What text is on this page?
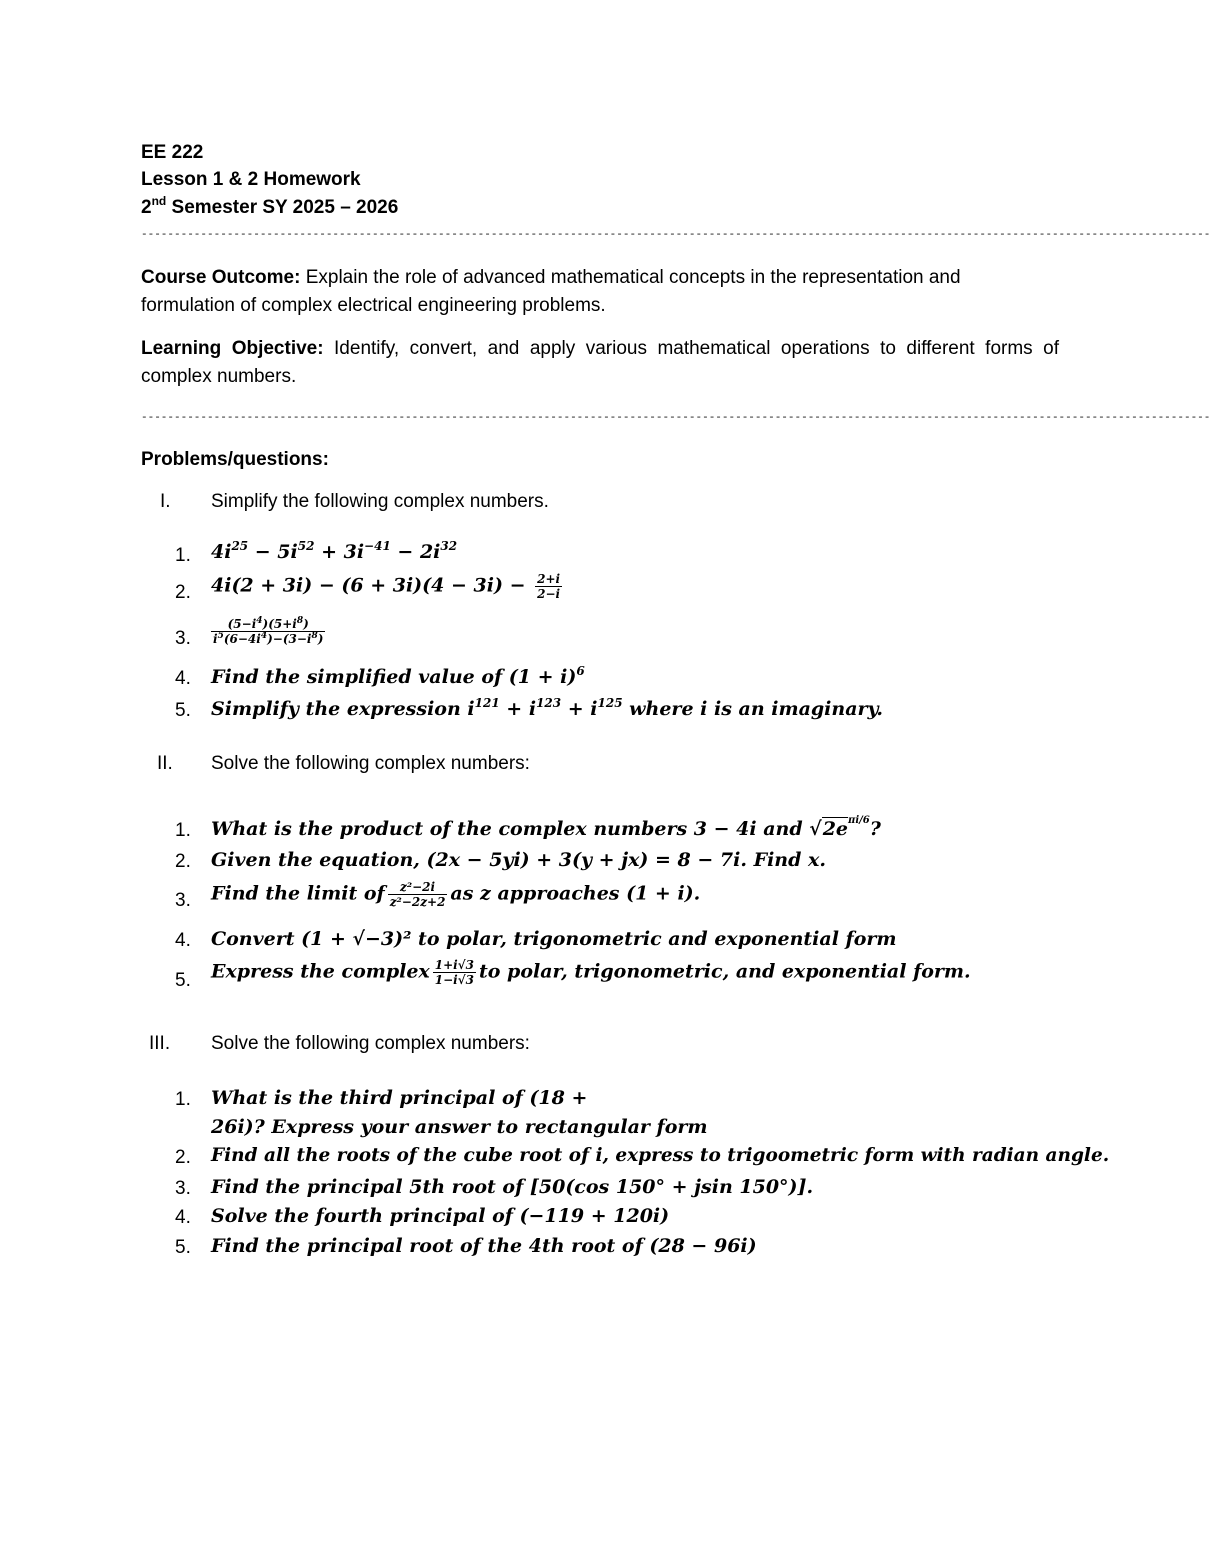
EE 222
Lesson 1 & 2 Homework
2nd Semester SY 2025 – 2026
------------------------------------------------------------------------------------------------------------------------------------------------------------------
Course Outcome: Explain the role of advanced mathematical concepts in the representation and formulation of complex electrical engineering problems.
Learning Objective: Identify, convert, and apply various mathematical operations to different forms of complex numbers.
------------------------------------------------------------------------------------------------------------------------------------------------------------------
Problems/questions:
I. Simplify the following complex numbers.
1. $4i^{25} - 5i^{52} + 3i^{-41} - 2i^{32}$
2. $4i(2 + 3i) - (6 + 3i)(4 - 3i) - \frac{2+i}{2-i}$
3. $\frac{(5-i^4)(5+i^8)}{i^5(6-4i^4)-(3-i^8)}$
4. Find the simplified value of $(1 + i)^6$
5. Simplify the expression $i^{121} + i^{123} + i^{125}$ where i is an imaginary.
II. Solve the following complex numbers:
1. What is the product of the complex numbers 3 − 4i and $√2e^{\pi i/6}$?
2. Given the equation, (2x − 5yi) + 3(y + jx) = 8 − 7i. Find x.
3. Find the limit of $\frac{\text{z²−2i}}{\text{z²−2z+2}}$ as z approaches (1 + i).
4. Convert (1 + √−3)² to polar, trigonometric and exponential form
5. Express the complex $\frac{1+i√3}{1-i√3}$ to polar, trigonometric, and exponential form.
III. Solve the following complex numbers:
1. What is the third principal of (18 +
26i)? Express your answer to rectangular form
2. Find all the roots of the cube root of i, express to trigoometric form with radian angle.
3. Find the principal 5th root of [50(cos 150° + jsin 150°)].
4. Solve the fourth principal of (−119 + 120i)
5. Find the principal root of the 4th root of (28 − 96i)
